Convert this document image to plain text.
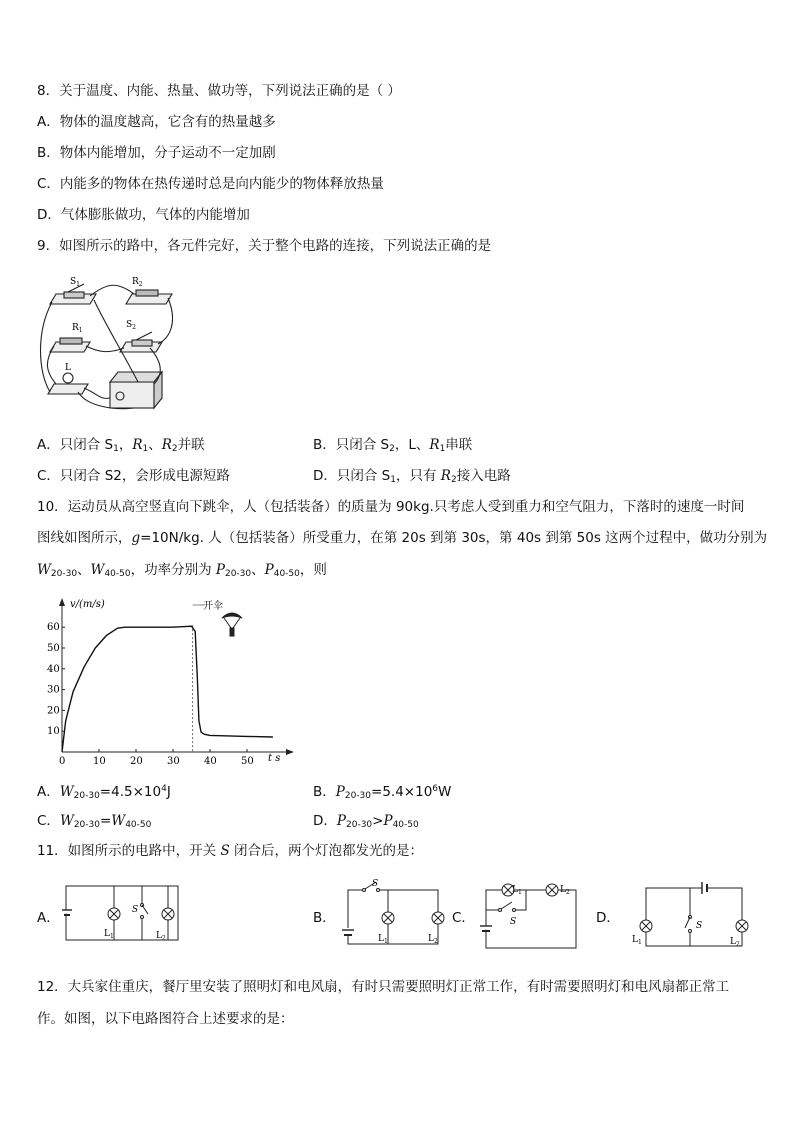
8．关于温度、内能、热量、做功等，下列说法正确的是（ ）
A．物体的温度越高，它含有的热量越多
B．物体内能增加，分子运动不一定加剧
C．内能多的物体在热传递时总是向内能少的物体释放热量
D．气体膨胀做功，气体的内能增加
9．如图所示的路中，各元件完好，关于整个电路的连接，下列说法正确的是
$S_1$	$R_2$
$R_1$
$S_2$
L
A．只闭合 $S_1$，$R_1$、$R_2$并联	B．只闭合 $S_2$，L、$R_1$串联
C．只闭合 S2，会形成电源短路	D．只闭合 $S_1$，只有 $R_2$接入电路
10．运动员从高空竖直向下跳伞，人（包括装备）的质量为 90kg.只考虑人受到重力和空气阻力，下落时的速度一时间
图线如图所示，g=10N/kg. 人（包括装备）所受重力，在第 20s 到第 30s，第 40s 到第 50s 这两个过程中，做功分别为
$W_{20-30}$、$W_{40-50}$，功率分别为 $P_{20-30}$、$P_{40-50}$，则
0	10 20 30 40 50
10
20
30
40
50
60
v/(m/s)
t s
开伞
A．$W_{20-30}=4.5\times 10^4J$	B．$P_{20-30}=5.4\times 10^6W$
C．$W_{20-30}=W_{40-50}$	D．$P_{20-30}>P_{40-50}$
11．如图所示的电路中，开关 S 闭合后，两个灯泡都发光的是：
A．	S
$L_1$	$L_2$
B．
S
$L_1$	$L_2$
C．
$L_1$	$L_2$
S	D．	S
$L_1$	$L_2$
12．大兵家住重庆，餐厅里安装了照明灯和电风扇，有时只需要照明灯正常工作，有时需要照明灯和电风扇都正常工
作。如图，以下电路图符合上述要求的是：
